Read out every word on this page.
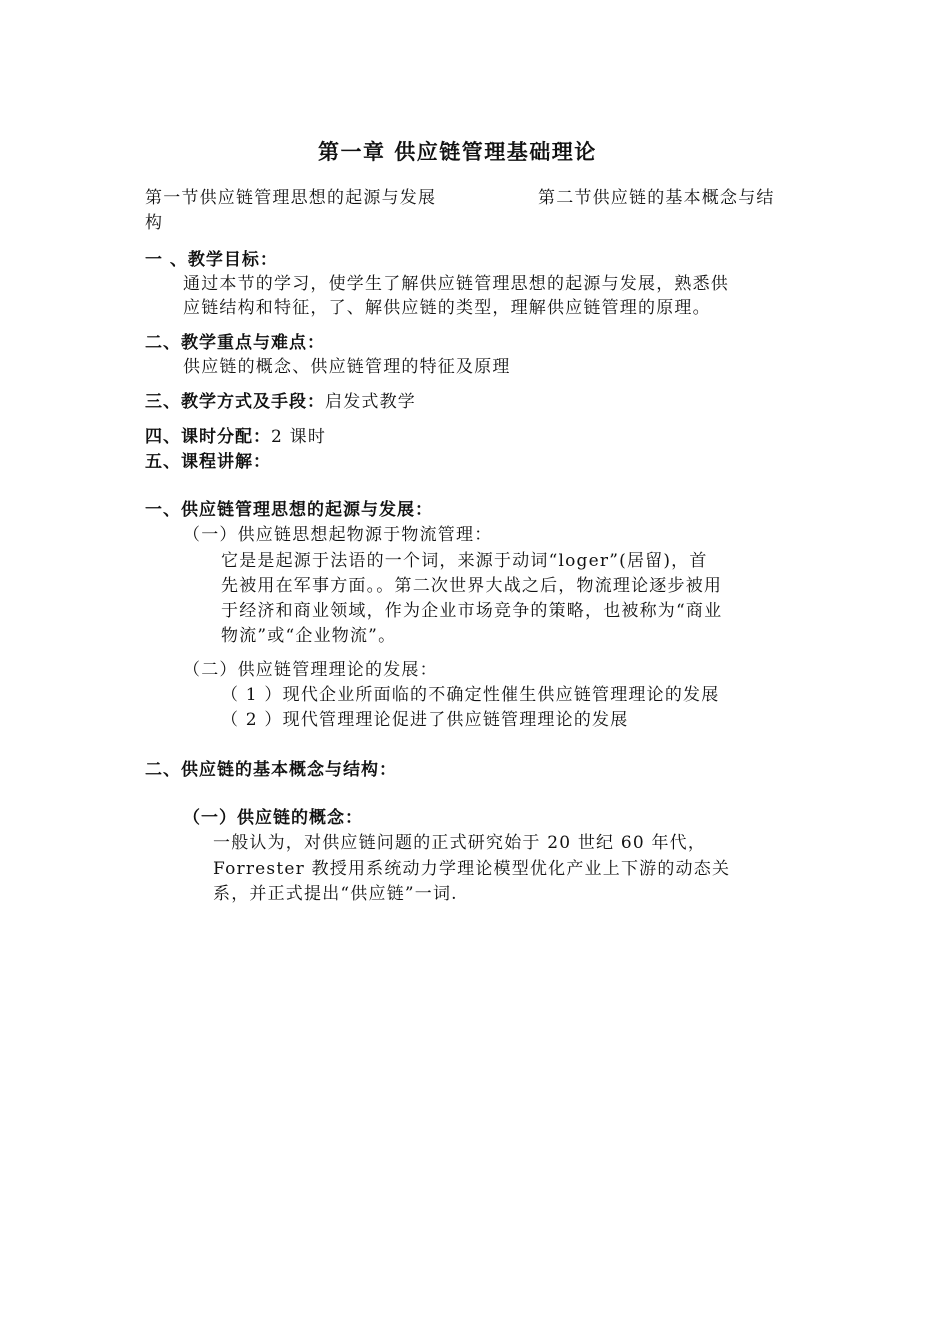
第一章 供应链管理基础理论
第一节供应链管理思想的起源与发展	第二节供应链的基本概念与结
构
一 、教学目标：
通过本节的学习，使学生了解供应链管理思想的起源与发展，熟悉供
应链结构和特征，了、解供应链的类型，理解供应链管理的原理。
二、教学重点与难点：
供应链的概念、供应链管理的特征及原理
三、教学方式及手段：启发式教学
四、课时分配：2 课时
五、课程讲解：
一、供应链管理思想的起源与发展：
（一）供应链思想起物源于物流管理：
它是是起源于法语的一个词，来源于动词“loger”(居留)，首
先被用在军事方面。。第二次世界大战之后，物流理论逐步被用
于经济和商业领域，作为企业市场竞争的策略，也被称为“商业
物流”或“企业物流”。
（二）供应链管理理论的发展：
（ 1 ）现代企业所面临的不确定性催生供应链管理理论的发展
（ 2 ）现代管理理论促进了供应链管理理论的发展
二、供应链的基本概念与结构：
（一）供应链的概念：
一般认为，对供应链问题的正式研究始于 20 世纪 60 年代，
Forrester 教授用系统动力学理论模型优化产业上下游的动态关
系，并正式提出“供应链”一词.
